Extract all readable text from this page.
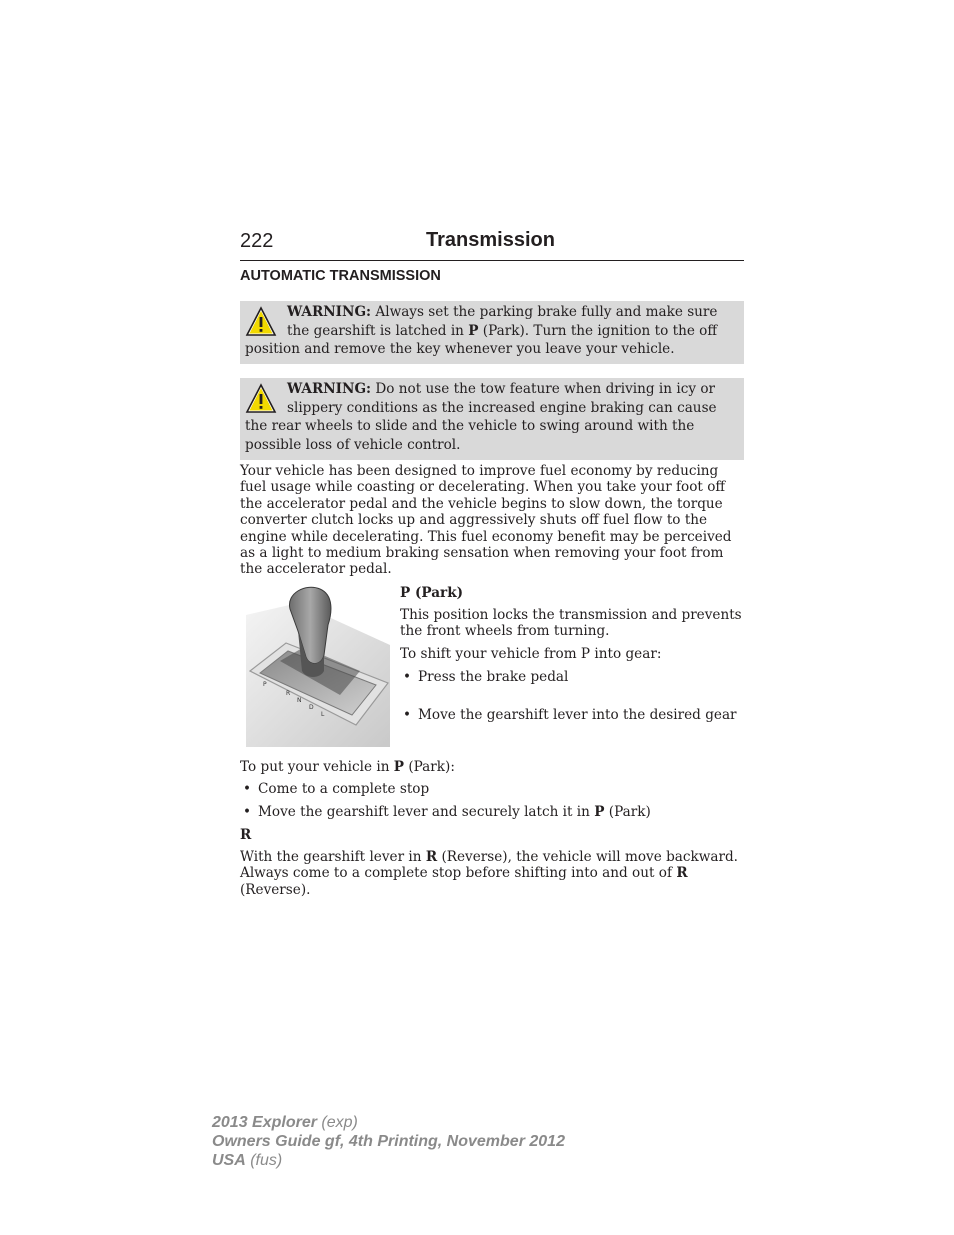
222	Transmission
AUTOMATIC TRANSMISSION
WARNING: Always set the parking brake fully and make sure the gearshift is latched in P (Park). Turn the ignition to the off position and remove the key whenever you leave your vehicle.
WARNING: Do not use the tow feature when driving in icy or slippery conditions as the increased engine braking can cause the rear wheels to slide and the vehicle to swing around with the possible loss of vehicle control.

Your vehicle has been designed to improve fuel economy by reducing fuel usage while coasting or decelerating. When you take your foot off the accelerator pedal and the vehicle begins to slow down, the torque converter clutch locks up and aggressively shuts off fuel flow to the engine while decelerating. This fuel economy benefit may be perceived as a light to medium braking sensation when removing your foot from the accelerator pedal.

P
R
N
D
L
P (Park)

This position locks the transmission and prevents the front wheels from turning.

To shift your vehicle from P into gear:

• Press the brake pedal
• Move the gearshift lever into the desired gear

To put your vehicle in P (Park):

• Come to a complete stop
• Move the gearshift lever and securely latch it in P (Park)
R

With the gearshift lever in R (Reverse), the vehicle will move backward. Always come to a complete stop before shifting into and out of R (Reverse).

2013 Explorer (exp)
Owners Guide gf, 4th Printing, November 2012
USA (fus)
